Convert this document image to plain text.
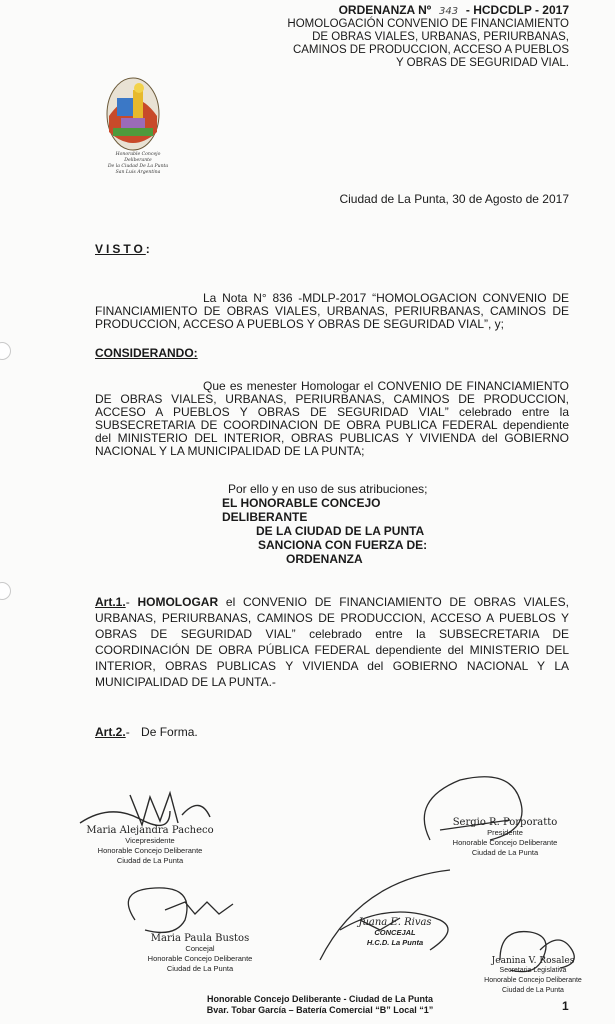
ORDENANZA Nº 343 - HCDCDLP - 2017
HOMOLOGACIÓN CONVENIO DE FINANCIAMIENTO
DE OBRAS VIALES, URBANAS, PERIURBANAS,
CAMINOS DE PRODUCCION, ACCESO A PUEBLOS
Y OBRAS DE SEGURIDAD VIAL.
Honorable Concejo Deliberante
De la Ciudad De La Punta
San Luis Argentina
Ciudad de La Punta, 30 de Agosto de 2017
VISTO:
La Nota N° 836 -MDLP-2017 “HOMOLOGACION CONVENIO DE FINANCIAMIENTO DE OBRAS VIALES, URBANAS, PERIURBANAS, CAMINOS DE PRODUCCION, ACCESO A PUEBLOS Y OBRAS DE SEGURIDAD VIAL”, y;
CONSIDERANDO:
Que es menester Homologar el CONVENIO DE FINANCIAMIENTO DE OBRAS VIALES, URBANAS, PERIURBANAS, CAMINOS DE PRODUCCION, ACCESO A PUEBLOS Y OBRAS DE SEGURIDAD VIAL” celebrado entre la SUBSECRETARIA DE COORDINACION DE OBRA PUBLICA FEDERAL dependiente del MINISTERIO DEL INTERIOR, OBRAS PUBLICAS Y VIVIENDA del GOBIERNO NACIONAL Y LA MUNICIPALIDAD DE LA PUNTA;
Por ello y en uso de sus atribuciones;
EL HONORABLE CONCEJO DELIBERANTE
DE LA CIUDAD DE LA PUNTA
SANCIONA CON FUERZA DE:
ORDENANZA
Art.1.- HOMOLOGAR el CONVENIO DE FINANCIAMIENTO DE OBRAS VIALES, URBANAS, PERIURBANAS, CAMINOS DE PRODUCCION, ACCESO A PUEBLOS Y OBRAS DE SEGURIDAD VIAL” celebrado entre la SUBSECRETARIA DE COORDINACIÓN DE OBRA PÚBLICA FEDERAL dependiente del MINISTERIO DEL INTERIOR, OBRAS PUBLICAS Y VIVIENDA del GOBIERNO NACIONAL Y LA MUNICIPALIDAD DE LA PUNTA.-
Art.2.- De Forma.
Maria Alejandra Pacheco
Vicepresidente
Honorable Concejo Deliberante
Ciudad de La Punta
Sergio R. Porporatto
Presidente
Honorable Concejo Deliberante
Ciudad de La Punta
Maria Paula Bustos
Concejal
Honorable Concejo Deliberante
Ciudad de La Punta
Juana E. Rivas
CONCEJAL
H.C.D. La Punta
Jeanina V. Rosales
Secretaria Legislativa
Honorable Concejo Deliberante
Ciudad de La Punta
Honorable Concejo Deliberante - Ciudad de La Punta
Bvar. Tobar García – Batería Comercial “B” Local “1”	1
